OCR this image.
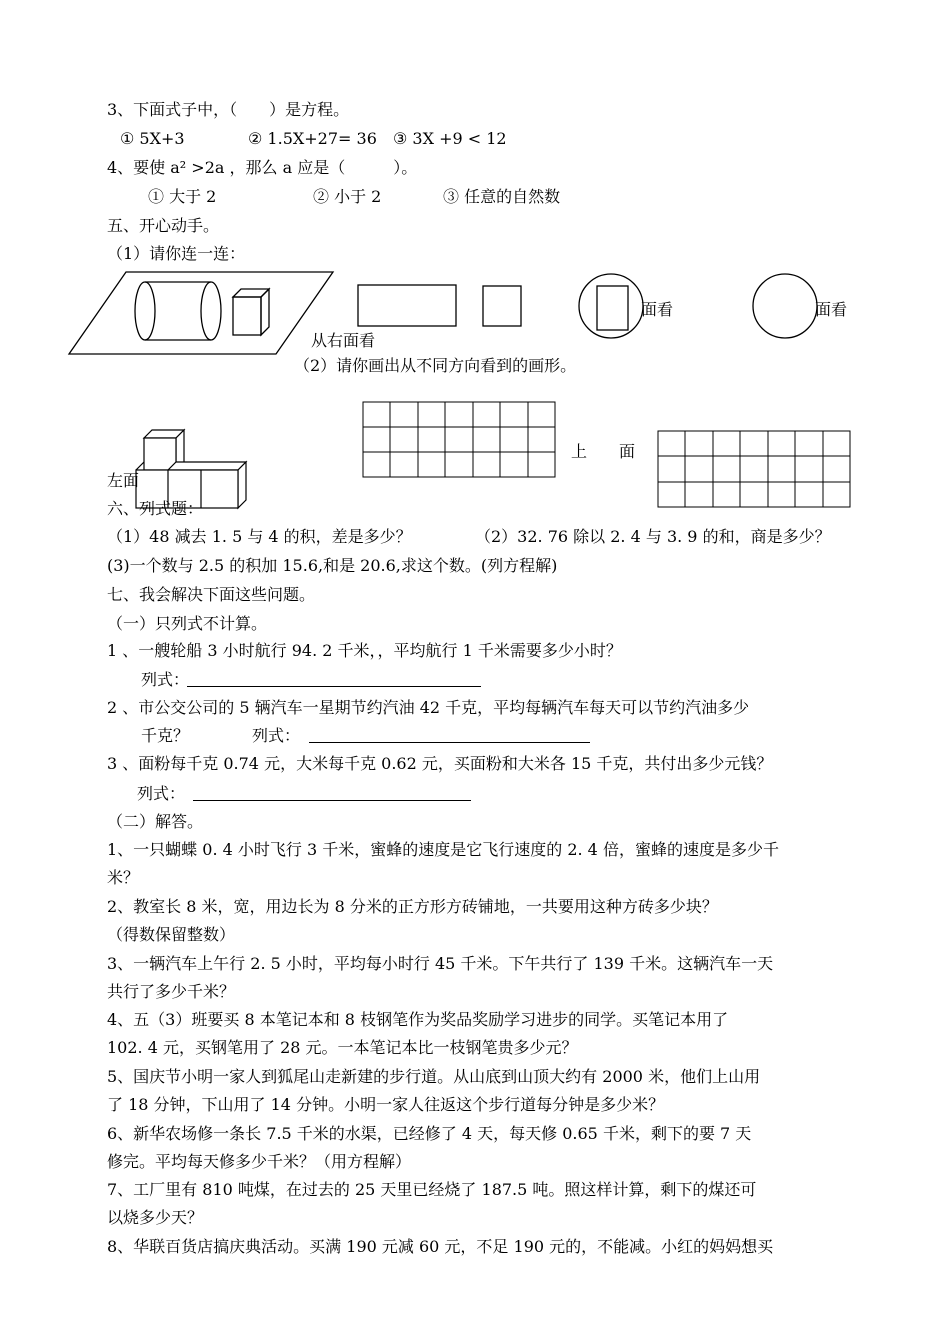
3、下面式子中，（　　）是方程。
① 5X+3	② 1.5X+27= 36 ③ 3X +9 < 12
4、要使 a² >2a ，那么 a 应是（　　　）。
① 大于 2	② 小于 2	③ 任意的自然数
五、开心动手。
（1）请你连一连：
面看	面看
从右面看
（2）请你画出从不同方向看到的画形。
上　　面
左面
六、列式题：
（1）48 减去 1. 5 与 4 的积，差是多少？	（2）32. 76 除以 2. 4 与 3. 9 的和，商是多少？
(3)一个数与 2.5 的积加 15.6,和是 20.6,求这个数。(列方程解)
七、我会解决下面这些问题。
（一）只列式不计算。
1 、一艘轮船 3 小时航行 94. 2 千米，，平均航行 1 千米需要多少小时？
列式：
2 、市公交公司的 5 辆汽车一星期节约汽油 42 千克，平均每辆汽车每天可以节约汽油多少
千克？	列式：
3 、面粉每千克 0.74 元，大米每千克 0.62 元，买面粉和大米各 15 千克，共付出多少元钱？
列式：
（二）解答。
1、一只蝴蝶 0. 4 小时飞行 3 千米，蜜蜂的速度是它飞行速度的 2. 4 倍，蜜蜂的速度是多少千
米？
2、教室长 8 米，宽，用边长为 8 分米的正方形方砖铺地，一共要用这种方砖多少块？
（得数保留整数）
3、一辆汽车上午行 2. 5 小时，平均每小时行 45 千米。下午共行了 139 千米。这辆汽车一天
共行了多少千米？
4、五（3）班要买 8 本笔记本和 8 枝钢笔作为奖品奖励学习进步的同学。买笔记本用了
102. 4 元，买钢笔用了 28 元。一本笔记本比一枝钢笔贵多少元？
5、国庆节小明一家人到狐尾山走新建的步行道。从山底到山顶大约有 2000 米，他们上山用
了 18 分钟，下山用了 14 分钟。小明一家人往返这个步行道每分钟是多少米？
6、新华农场修一条长 7.5 千米的水渠，已经修了 4 天，每天修 0.65 千米，剩下的要 7 天
修完。平均每天修多少千米？（用方程解）
7、工厂里有 810 吨煤，在过去的 25 天里已经烧了 187.5 吨。照这样计算，剩下的煤还可
以烧多少天？
8、华联百货店搞庆典活动。买满 190 元减 60 元，不足 190 元的，不能减。小红的妈妈想买
